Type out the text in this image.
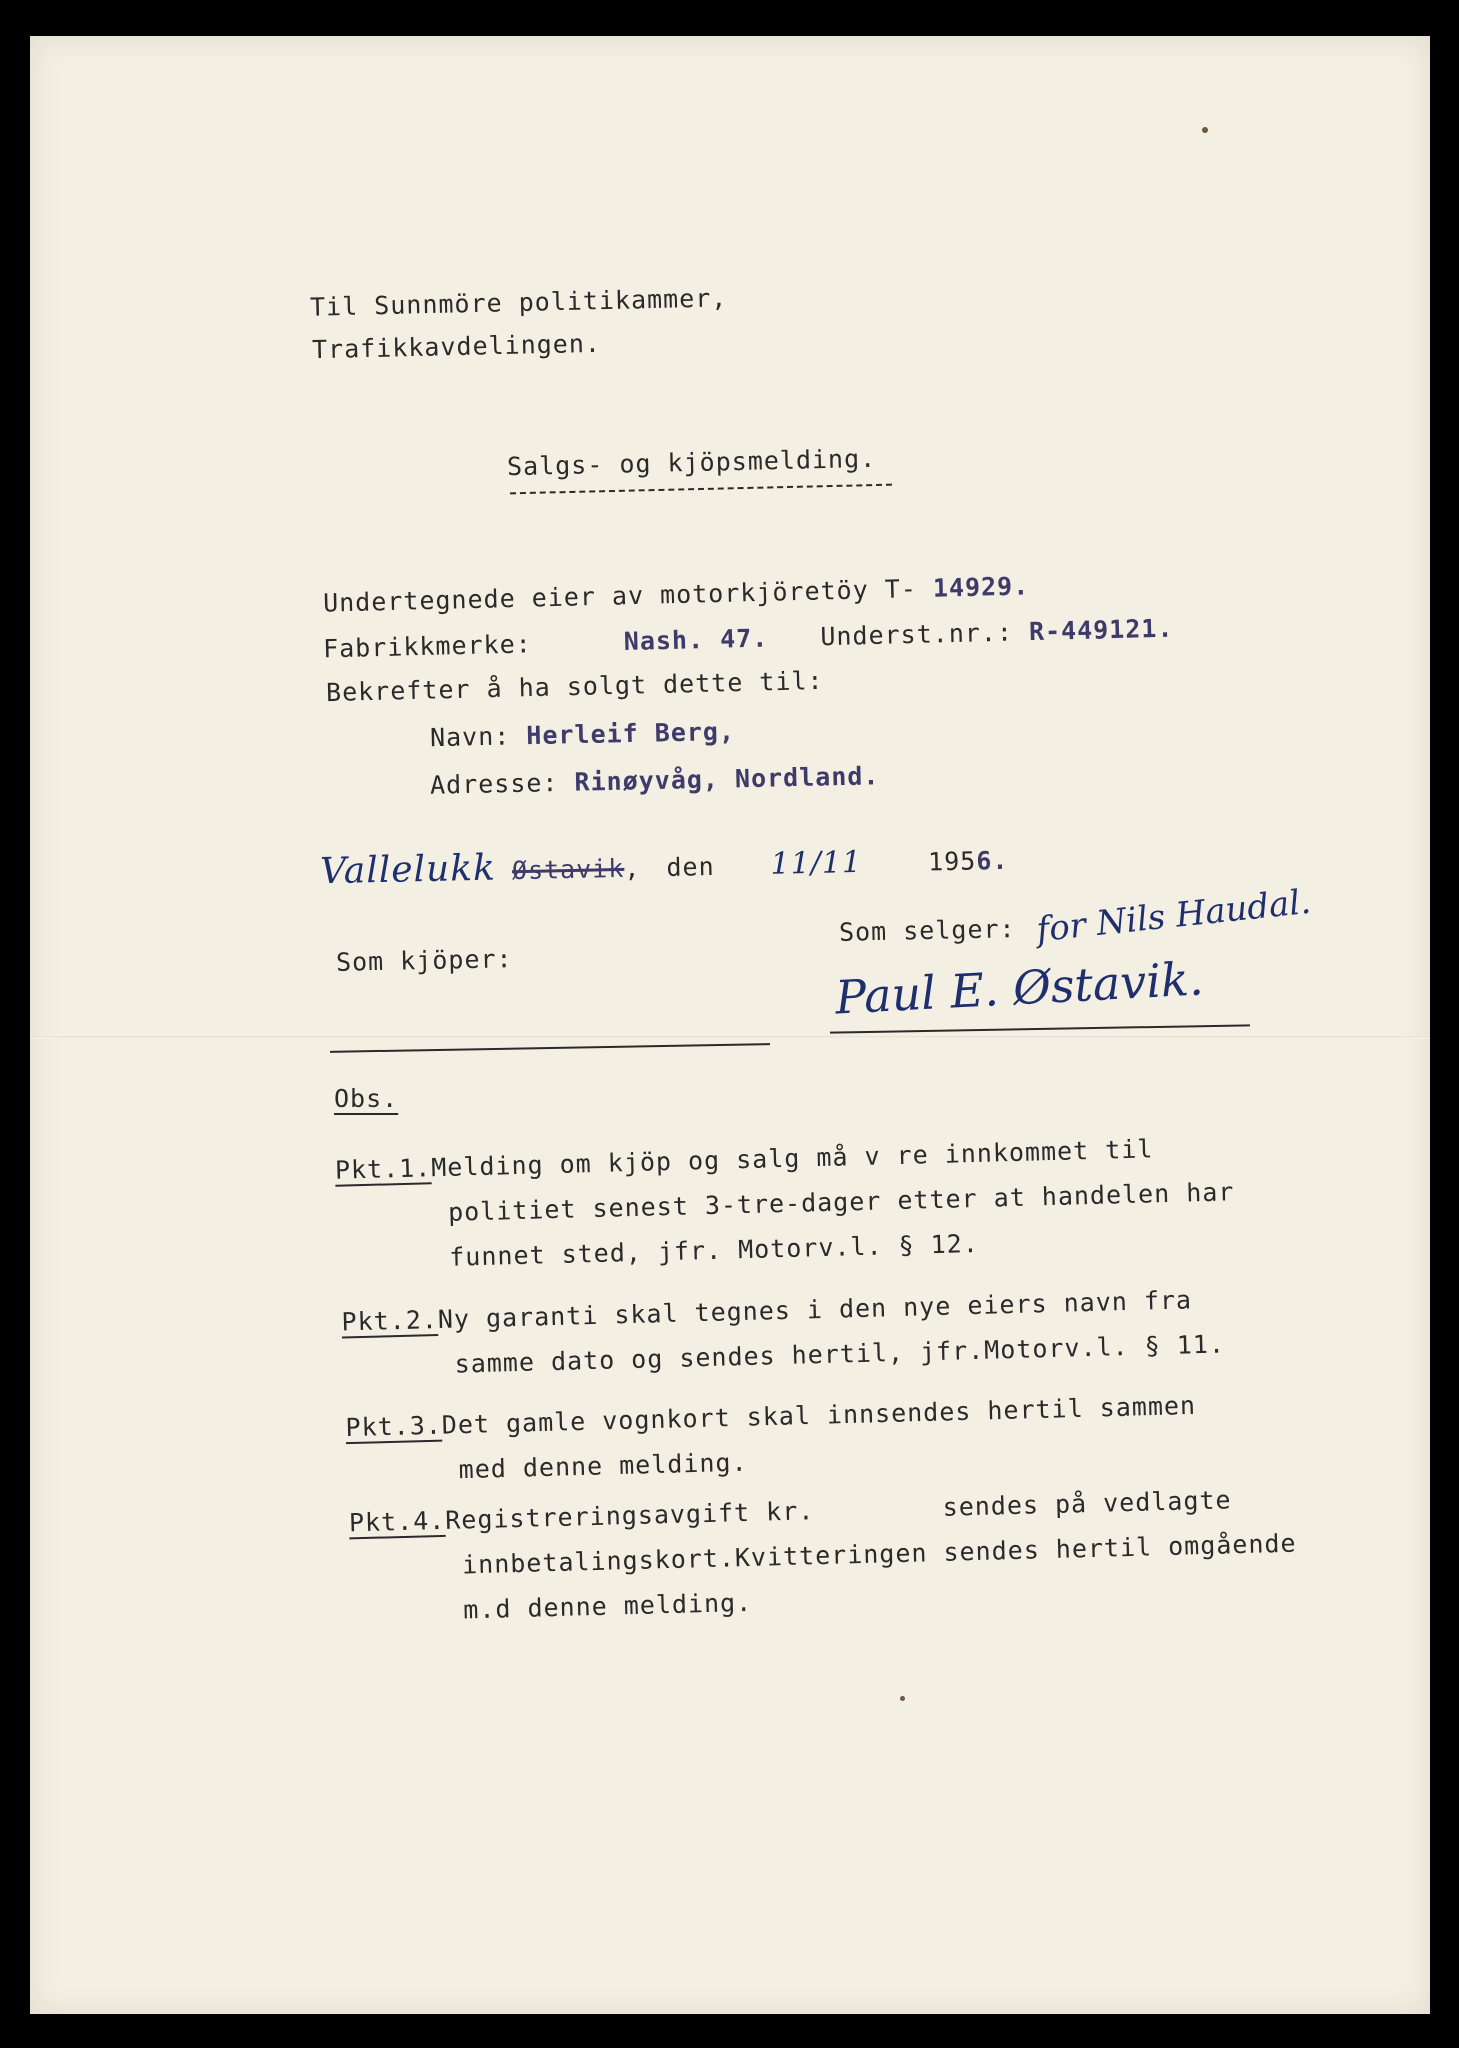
Til Sunnmöre politikammer,
Trafikkavdelingen.
Salgs- og kjöpsmelding.
Undertegnede eier av motorkjöretöy T- 14929.
Fabrikkmerke:	Nash. 47. Underst.nr.: R-449121.
Bekrefter å ha solgt dette til:
Navn: Herleif Berg,
Adresse: Rinøyvåg, Nordland.
Vallelukk Østavik, den 11/11	1956.
Som selger: for Nils Haudal.
Som kjöper:	Paul E. Østavik.
Obs.
Pkt.1.Melding om kjöp og salg må v re innkommet til
politiet senest 3-tre-dager etter at handelen har
funnet sted, jfr. Motorv.l. § 12.
Pkt.2.Ny garanti skal tegnes i den nye eiers navn fra
samme dato og sendes hertil, jfr.Motorv.l. § 11.
Pkt.3.Det gamle vognkort skal innsendes hertil sammen
med denne melding.
Pkt.4.Registreringsavgift kr.        sendes på vedlagte
innbetalingskort.Kvitteringen sendes hertil omgående
m.d denne melding.
